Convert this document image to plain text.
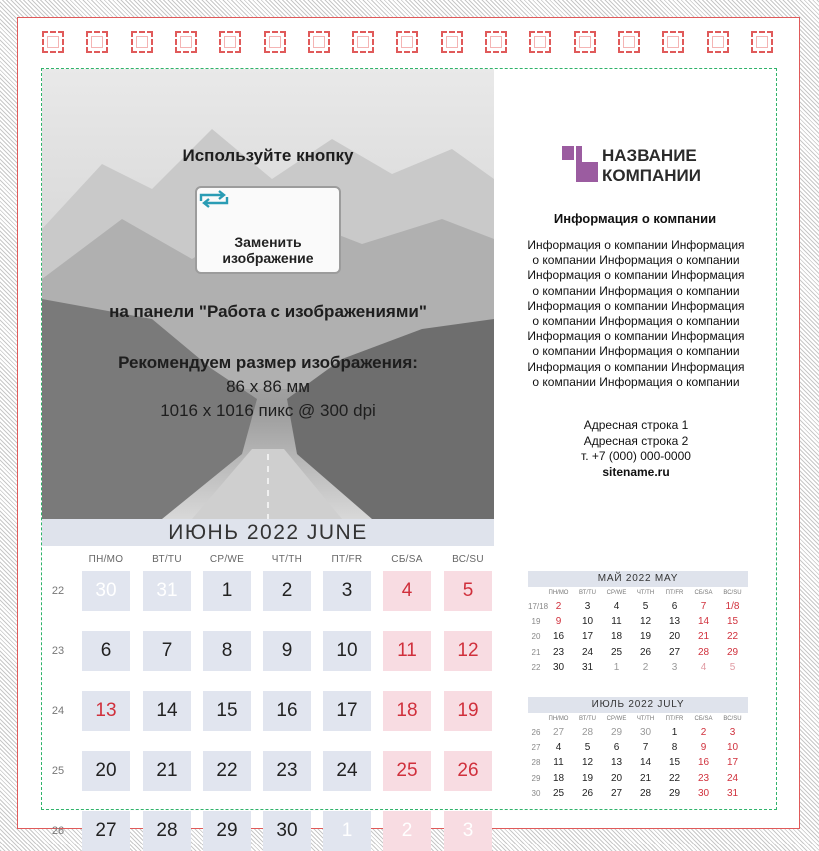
Используйте кнопку
Заменить
изображение
на панели "Работа с изображениями"
Рекомендуем размер изображения:
86 x 86 мм
1016 x 1016 пикс @ 300 dpi
НАЗВАНИЕ
КОМПАНИИ
Информация о компании
Информация о компании Информация
о компании Информация о компании
Информация о компании Информация
о компании Информация о компании
Информация о компании Информация
о компании Информация о компании
Информация о компании Информация
о компании Информация о компании
Информация о компании Информация
о компании Информация о компании
Адресная строка 1
Адресная строка 2
т. +7 (000) 000-0000
sitename.ru
ИЮНЬ 2022 JUNE
ПН/MO	ВТ/TU	СР/WE	ЧТ/TH	ПТ/FR	СБ/SA	ВС/SU
22	30	31	1	2	3	4	5
23	6	7	8	9	10	11	12
24	13	14	15	16	17	18	19
25	20	21	22	23	24	25	26
26	27	28	29	30	1	2	3
МАЙ 2022 MAY
ПН/MO	ВТ/TU	СР/WE	ЧТ/TH	ПТ/FR	СБ/SA	ВС/SU
17/18 2	3	4	5	6	7	1/8
19	9	10	11	12	13	14	15
20	16	17	18	19	20	21	22
21	23	24	25	26	27	28	29
22	30	31	1	2	3	4	5
ИЮЛЬ 2022 JULY
ПН/MO	ВТ/TU	СР/WE	ЧТ/TH	ПТ/FR	СБ/SA	ВС/SU
26	27	28	29	30	1	2	3
27	4	5	6	7	8	9	10
28	11	12	13	14	15	16	17
29	18	19	20	21	22	23	24
30	25	26	27	28	29	30	31
